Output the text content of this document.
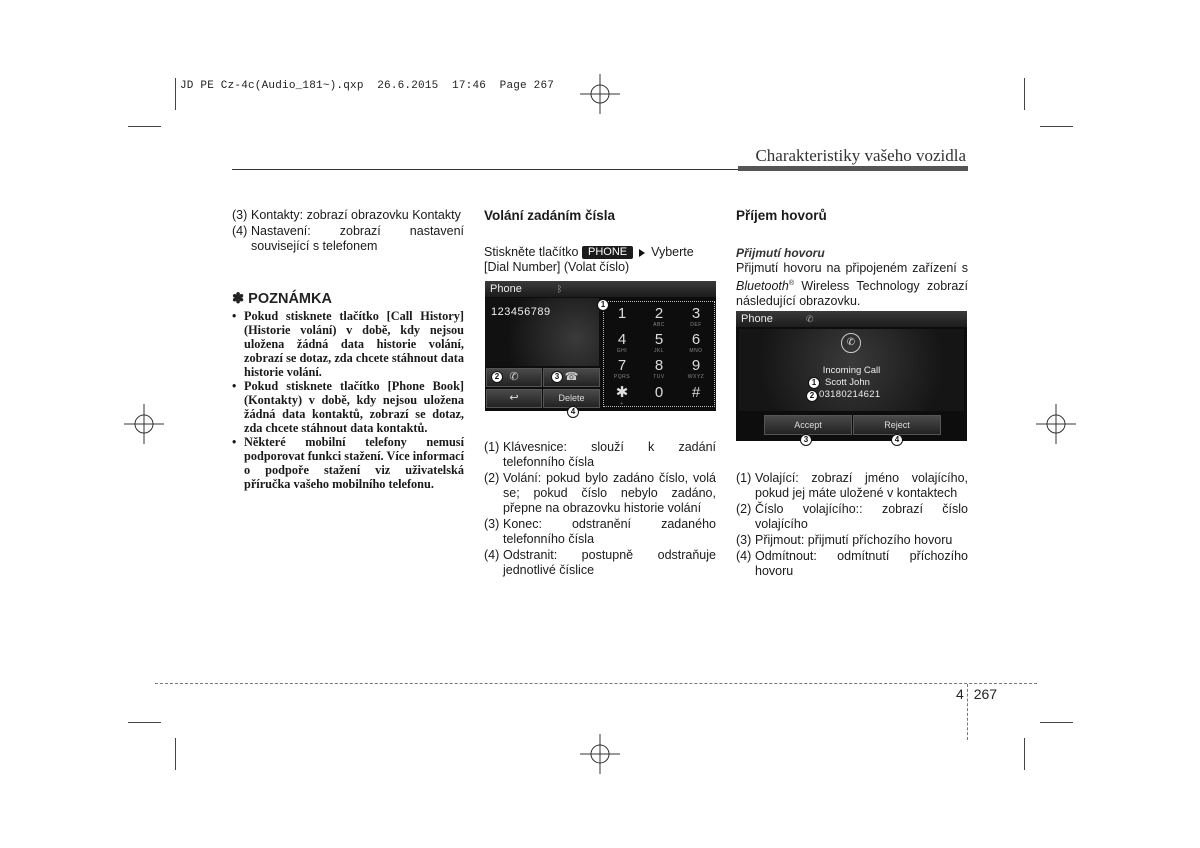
JD PE Cz-4c(Audio_181~).qxp  26.6.2015  17:46  Page 267
Charakteristiky vašeho vozidla
(3) Kontakty: zobrazí obrazovku Kontakty
(4) Nastavení: zobrazí nastavení související s telefonem
✽ POZNÁMKA
• Pokud stisknete tlačítko [Call History] (Historie volání) v době, kdy nejsou uložena žádná data historie volání, zobrazí se dotaz, zda chcete stáhnout data historie volání.
• Pokud stisknete tlačítko [Phone Book] (Kontakty) v době, kdy nejsou uložena žádná data kontaktů, zobrazí se dotaz, zda chcete stáhnout data kontaktů.
• Některé mobilní telefony nemusí podporovat funkci stažení. Více informací o podpoře stažení viz uživatelská příručka vašeho mobilního telefonu.
Volání zadáním čísla
Stiskněte tlačítko PHONE Vyberte
[Dial Number] (Volat číslo)
Phone	ᛒ
123456789
✆	☎
↩	Delete
1	2
ABC
3
DEF
4
GHI
5
JKL
6
MNO
7
PQRS
8
TUV
9
WXYZ
✱
+
0	#
1
2	3
4
(1) Klávesnice: slouží k zadání telefonního čísla
(2) Volání: pokud bylo zadáno číslo, volá se; pokud číslo nebylo zadáno, přepne na obrazovku historie volání
(3) Konec: odstranění zadaného telefonního čísla
(4) Odstranit: postupně odstraňuje jednotlivé číslice
Příjem hovorů
Přijmutí hovoru
Přijmutí hovoru na připojeném zařízení s Bluetooth® Wireless Technology zobrazí následující obrazovku.
Phone	✆
✆
Incoming Call
Scott John
03180214621
1
2
Accept	Reject
3	4
(1) Volající: zobrazí jméno volajícího, pokud jej máte uložené v kontaktech
(2) Číslo volajícího:: zobrazí číslo volajícího
(3) Přijmout: přijmutí příchozího hovoru
(4) Odmítnout: odmítnutí příchozího hovoru
4 267
